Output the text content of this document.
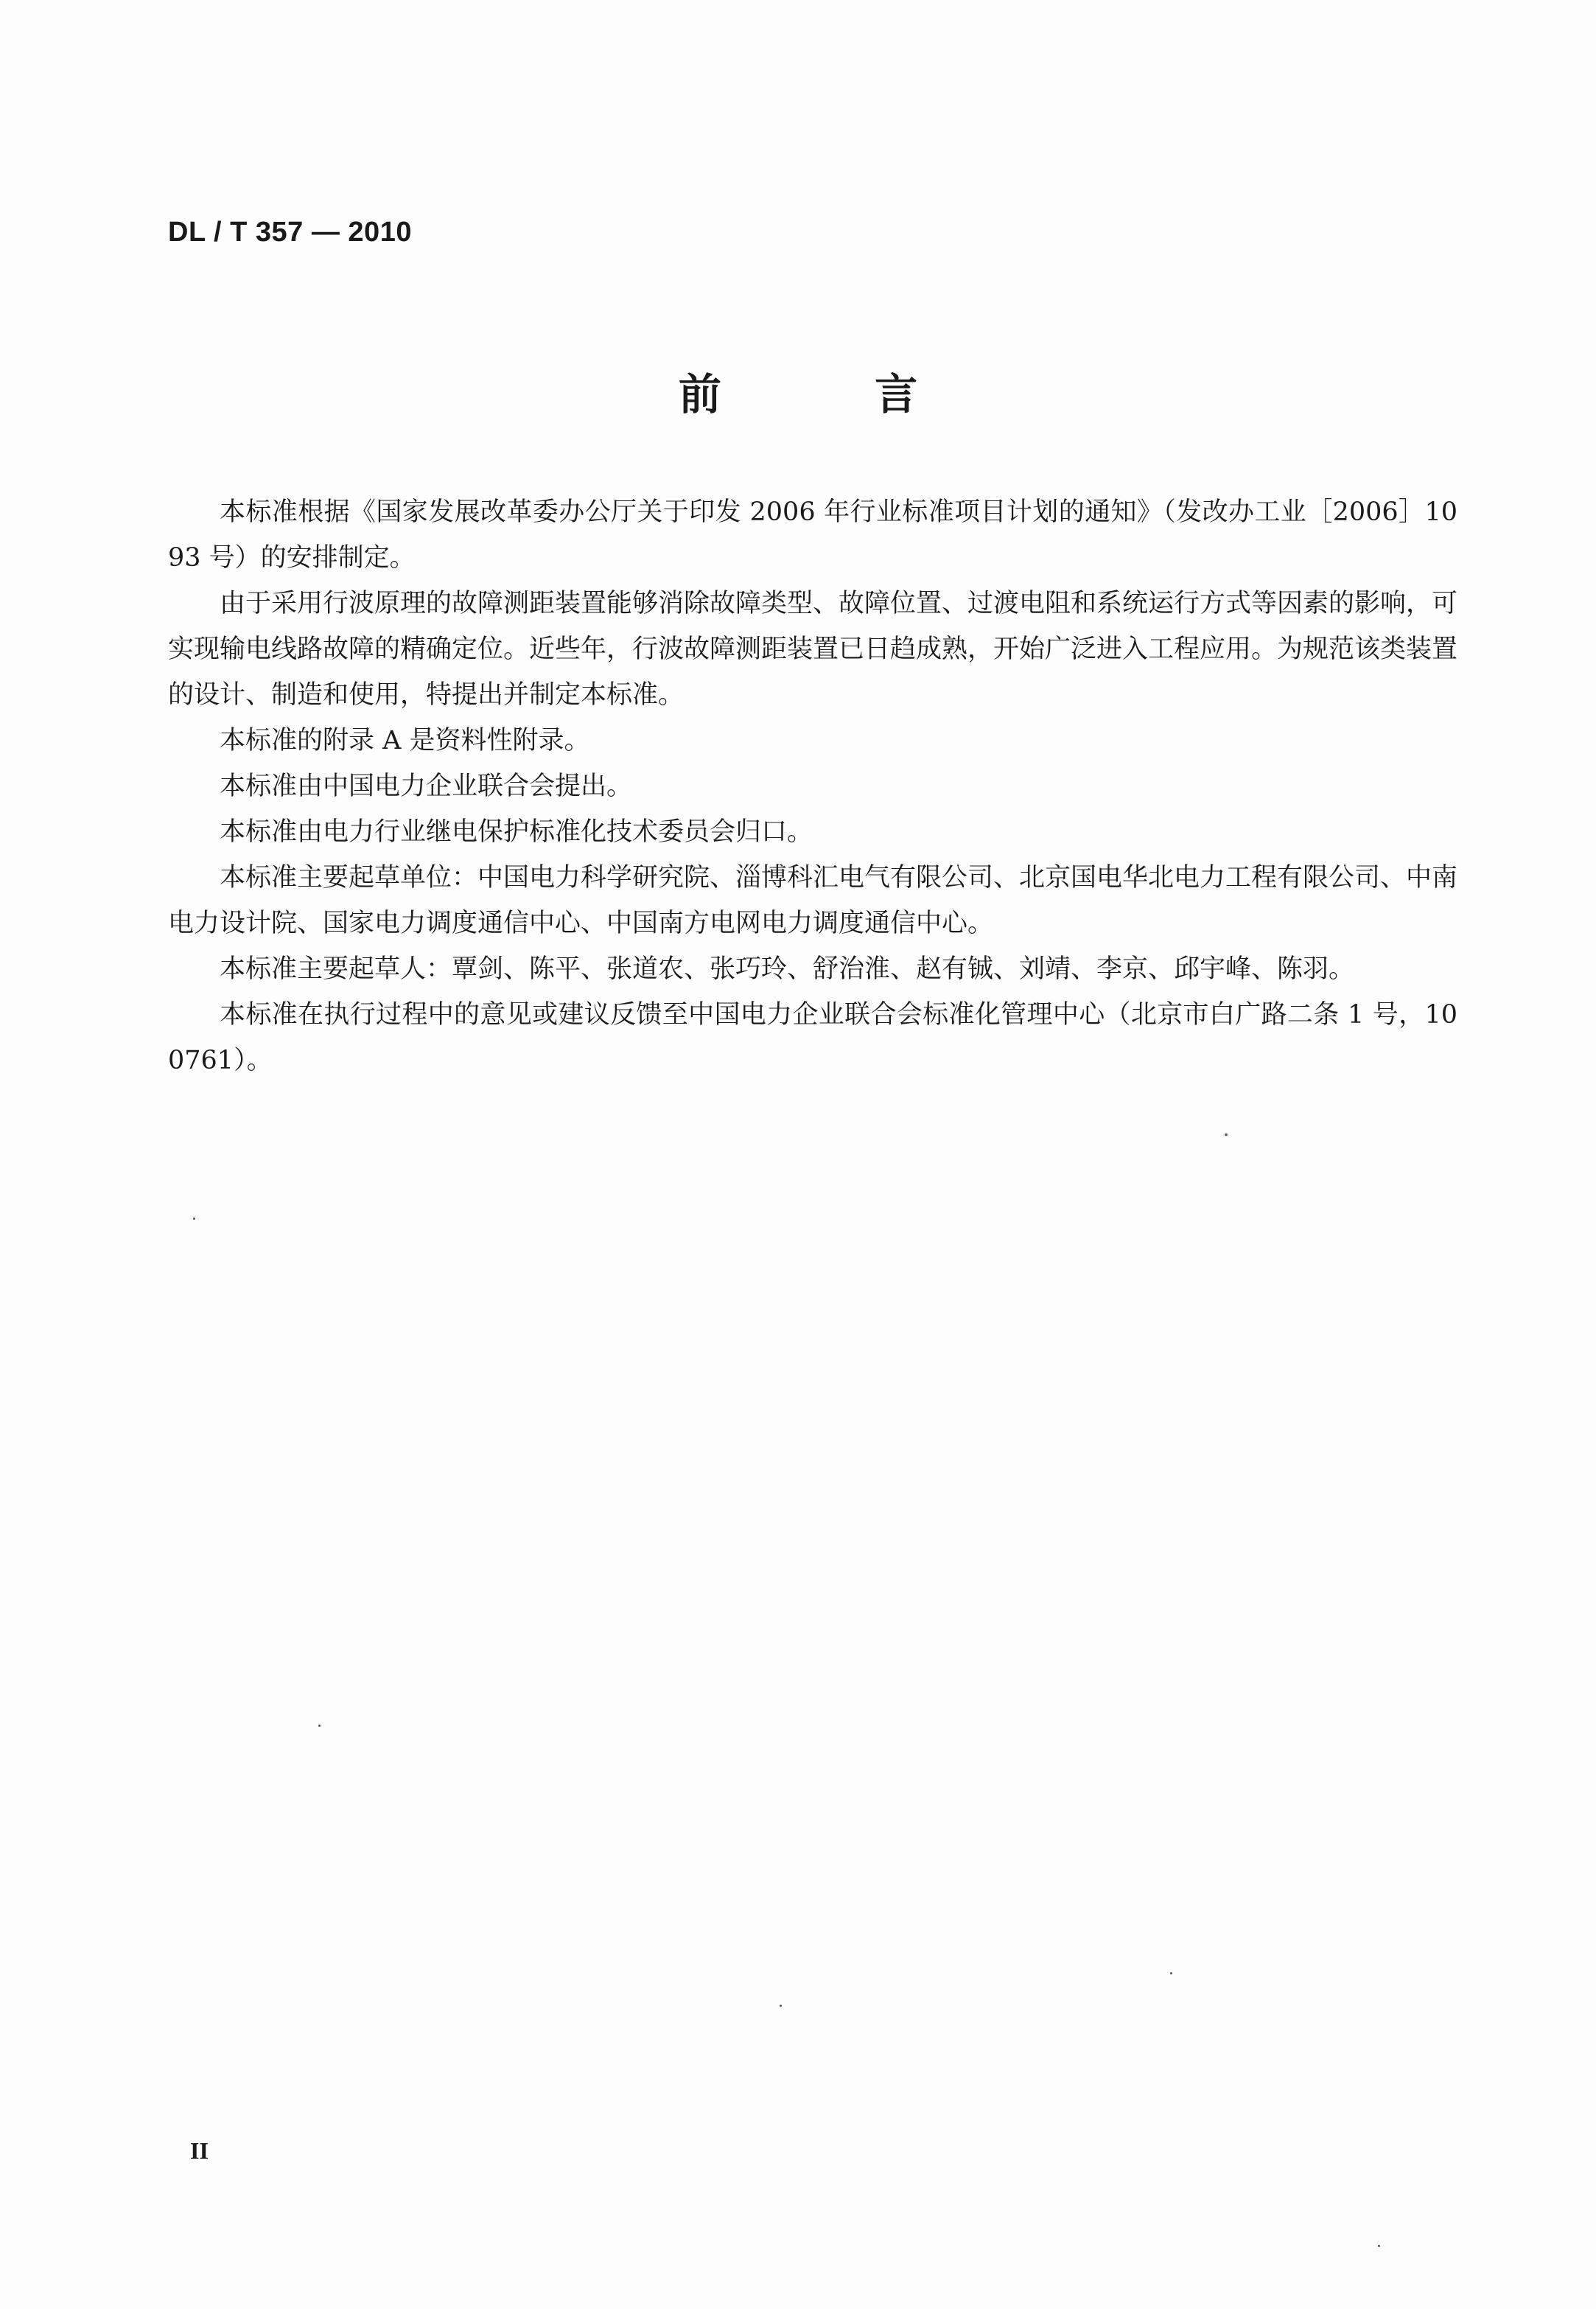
DL / T 357 — 2010
前 言

本标准根据《国家发展改革委办公厅关于印发 2006 年行业标准项目计划的通知》（发改办工业［2006］1093 号）的安排制定。

由于采用行波原理的故障测距装置能够消除故障类型、故障位置、过渡电阻和系统运行方式等因素的影响，可实现输电线路故障的精确定位。近些年，行波故障测距装置已日趋成熟，开始广泛进入工程应用。为规范该类装置的设计、制造和使用，特提出并制定本标准。

本标准的附录 A 是资料性附录。

本标准由中国电力企业联合会提出。

本标准由电力行业继电保护标准化技术委员会归口。

本标准主要起草单位：中国电力科学研究院、淄博科汇电气有限公司、北京国电华北电力工程有限公司、中南电力设计院、国家电力调度通信中心、中国南方电网电力调度通信中心。

本标准主要起草人：覃剑、陈平、张道农、张巧玲、舒治淮、赵有铖、刘靖、李京、邱宇峰、陈羽。

本标准在执行过程中的意见或建议反馈至中国电力企业联合会标准化管理中心（北京市白广路二条 1 号，100761）。

II
